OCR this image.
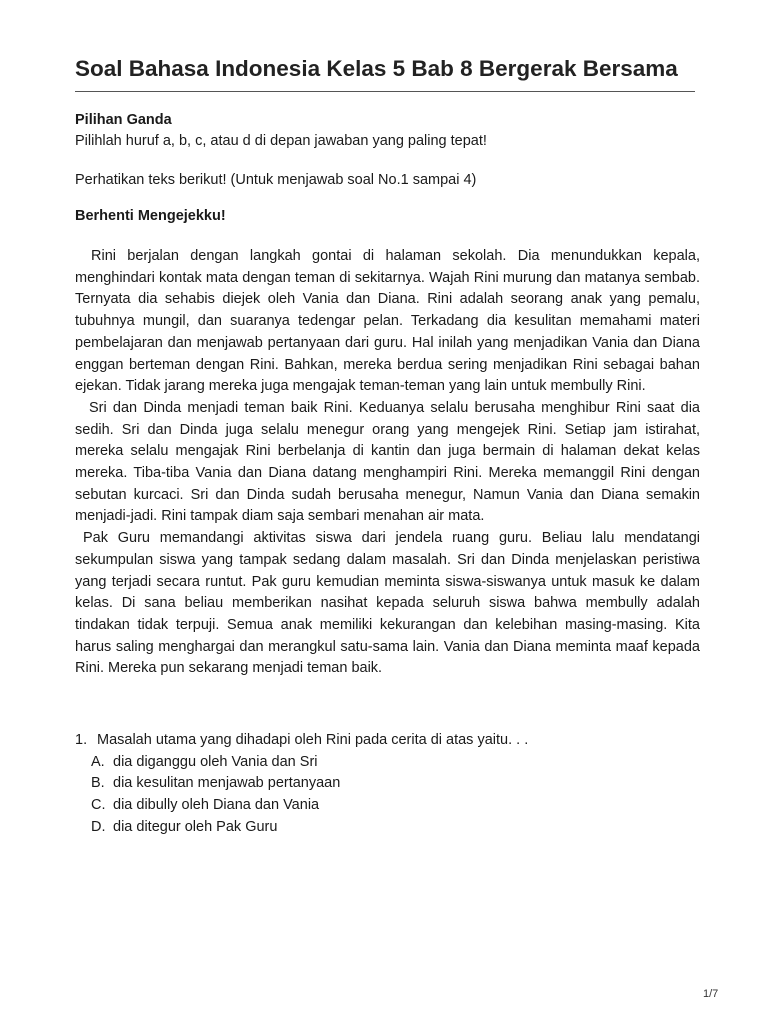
Soal Bahasa Indonesia Kelas 5 Bab 8 Bergerak Bersama

Pilihan Ganda

Pilihlah huruf a, b, c, atau d di depan jawaban yang paling tepat!

Perhatikan teks berikut! (Untuk menjawab soal No.1 sampai 4)

Berhenti Mengejekku!

Rini berjalan dengan langkah gontai di halaman sekolah. Dia menundukkan kepala, menghindari kontak mata dengan teman di sekitarnya. Wajah Rini murung dan matanya sembab. Ternyata dia sehabis diejek oleh Vania dan Diana. Rini adalah seorang anak yang pemalu, tubuhnya mungil, dan suaranya tedengar pelan. Terkadang dia kesulitan memahami materi pembelajaran dan menjawab pertanyaan dari guru. Hal inilah yang menjadikan Vania dan Diana enggan berteman dengan Rini. Bahkan, mereka berdua sering menjadikan Rini sebagai bahan ejekan. Tidak jarang mereka juga mengajak teman-teman yang lain untuk membully Rini.

Sri dan Dinda menjadi teman baik Rini. Keduanya selalu berusaha menghibur Rini saat dia sedih. Sri dan Dinda juga selalu menegur orang yang mengejek Rini. Setiap jam istirahat, mereka selalu mengajak Rini berbelanja di kantin dan juga bermain di halaman dekat kelas mereka. Tiba-tiba Vania dan Diana datang menghampiri Rini. Mereka memanggil Rini dengan sebutan kurcaci. Sri dan Dinda sudah berusaha menegur, Namun Vania dan Diana semakin menjadi-jadi. Rini tampak diam saja sembari menahan air mata.

Pak Guru memandangi aktivitas siswa dari jendela ruang guru. Beliau lalu mendatangi sekumpulan siswa yang tampak sedang dalam masalah. Sri dan Dinda menjelaskan peristiwa yang terjadi secara runtut. Pak guru kemudian meminta siswa-siswanya untuk masuk ke dalam kelas. Di sana beliau memberikan nasihat kepada seluruh siswa bahwa membully adalah tindakan tidak terpuji. Semua anak memiliki kekurangan dan kelebihan masing-masing. Kita harus saling menghargai dan merangkul satu-sama lain. Vania dan Diana meminta maaf kepada Rini. Mereka pun sekarang menjadi teman baik.

1. Masalah utama yang dihadapi oleh Rini pada cerita di atas yaitu. . .
A. dia diganggu oleh Vania dan Sri
B. dia kesulitan menjawab pertanyaan
C. dia dibully oleh Diana dan Vania
D. dia ditegur oleh Pak Guru
1/7
